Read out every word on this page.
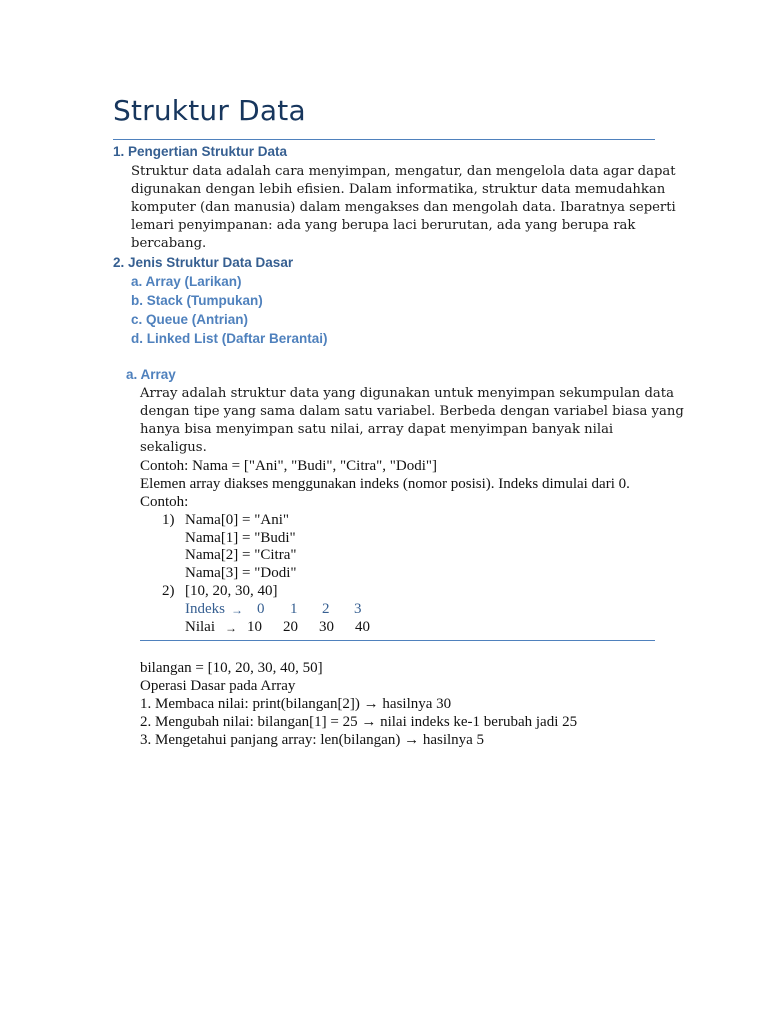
Struktur Data
1. Pengertian Struktur Data
Struktur data adalah cara menyimpan, mengatur, dan mengelola data agar dapat
digunakan dengan lebih efisien. Dalam informatika, struktur data memudahkan
komputer (dan manusia) dalam mengakses dan mengolah data. Ibaratnya seperti
lemari penyimpanan: ada yang berupa laci berurutan, ada yang berupa rak
bercabang.
2. Jenis Struktur Data Dasar
a. Array (Larikan)
b. Stack (Tumpukan)
c. Queue (Antrian)
d. Linked List (Daftar Berantai)
a. Array
Array adalah struktur data yang digunakan untuk menyimpan sekumpulan data
dengan tipe yang sama dalam satu variabel. Berbeda dengan variabel biasa yang
hanya bisa menyimpan satu nilai, array dapat menyimpan banyak nilai
sekaligus.
Contoh: Nama = ["Ani", "Budi", "Citra", "Dodi"]
Elemen array diakses menggunakan indeks (nomor posisi). Indeks dimulai dari 0.
Contoh:
1) Nama[0] = "Ani"
Nama[1] = "Budi"
Nama[2] = "Citra"
Nama[3] = "Dodi"
2) [10, 20, 30, 40]
Indeks → 0 1 2 3
Nilai → 10 20 30 40
bilangan = [10, 20, 30, 40, 50]
Operasi Dasar pada Array
1. Membaca nilai: print(bilangan[2]) → hasilnya 30
2. Mengubah nilai: bilangan[1] = 25 → nilai indeks ke-1 berubah jadi 25
3. Mengetahui panjang array: len(bilangan) → hasilnya 5
